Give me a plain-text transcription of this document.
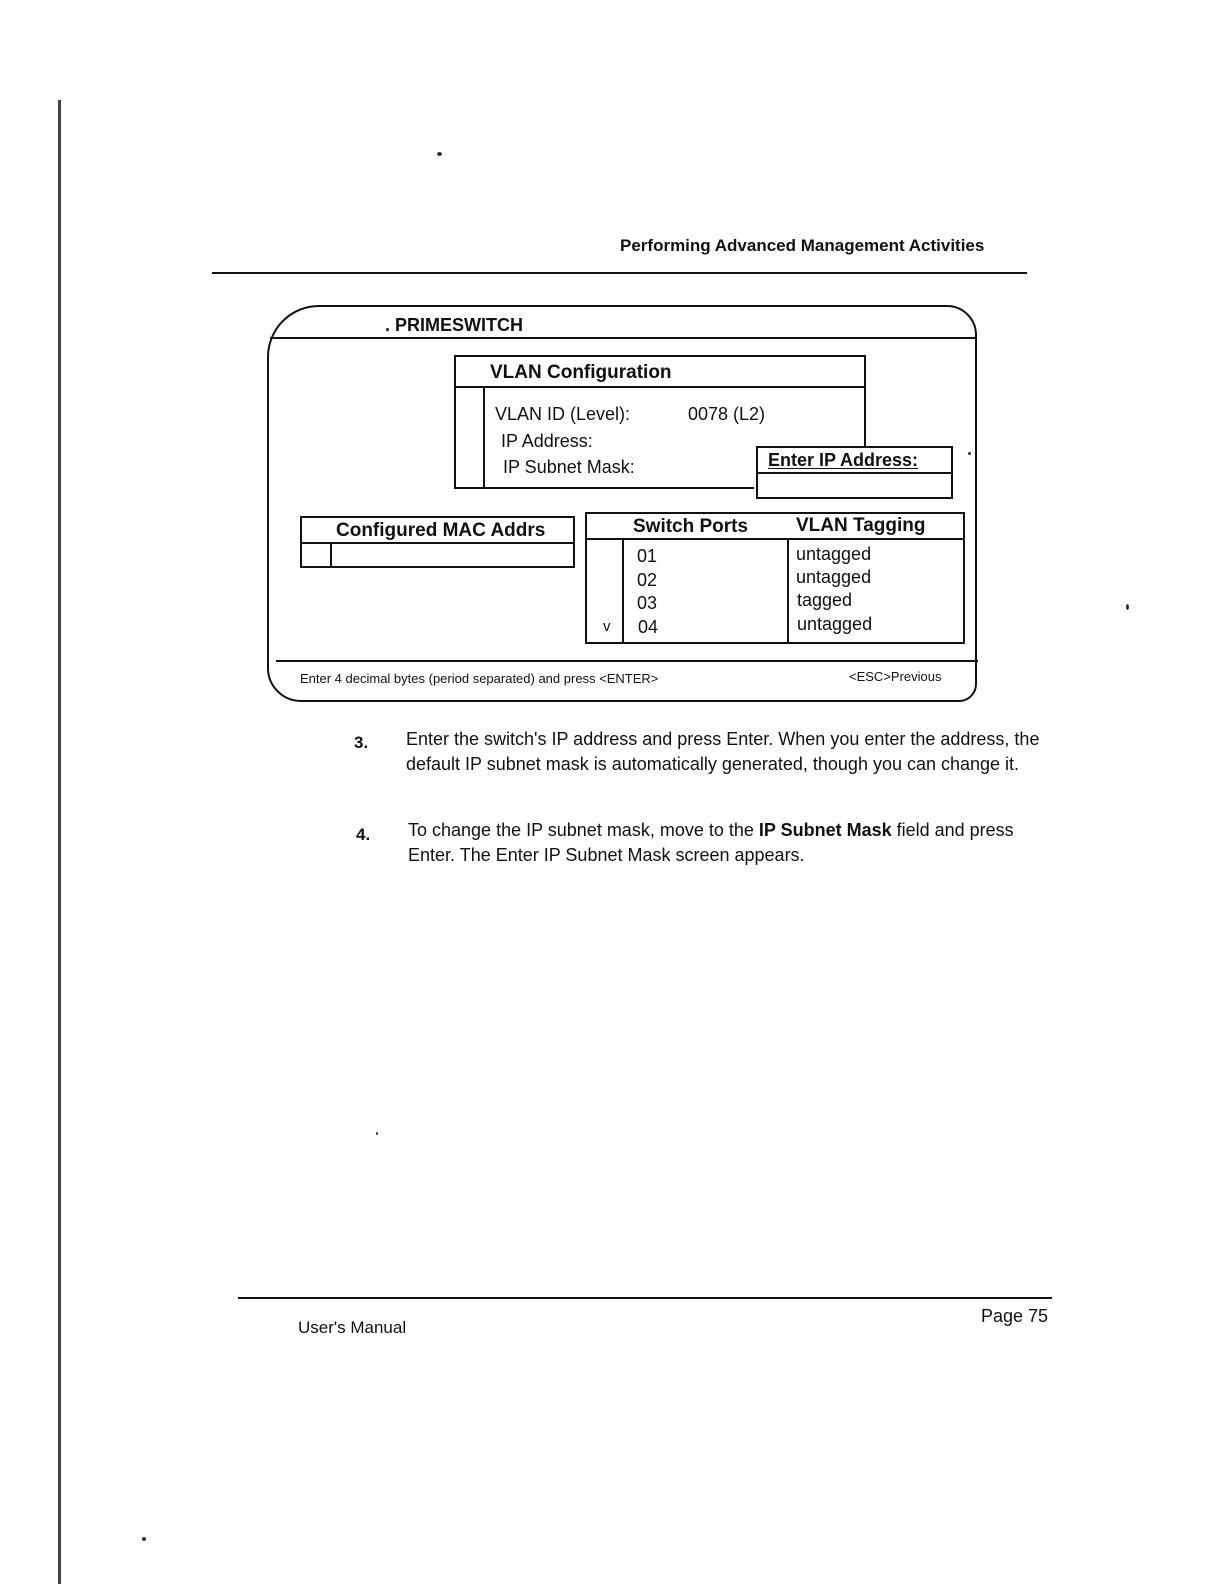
Performing Advanced Management Activities
. PRIMESWITCH
VLAN Configuration
VLAN ID (Level):	0078 (L2)
IP Address:
IP Subnet Mask:	Enter IP Address:
Configured MAC Addrs	Switch Ports	VLAN Tagging
v
01	untagged
02	untagged
03	tagged
04	untagged
Enter 4 decimal bytes (period separated) and press <ENTER>	<ESC>Previous
3. Enter the switch's IP address and press Enter. When you enter the address, the default IP subnet mask is automatically generated, though you can change it.
4. To change the IP subnet mask, move to the IP Subnet Mask field and press Enter. The Enter IP Subnet Mask screen appears.
User's Manual
Page 75
